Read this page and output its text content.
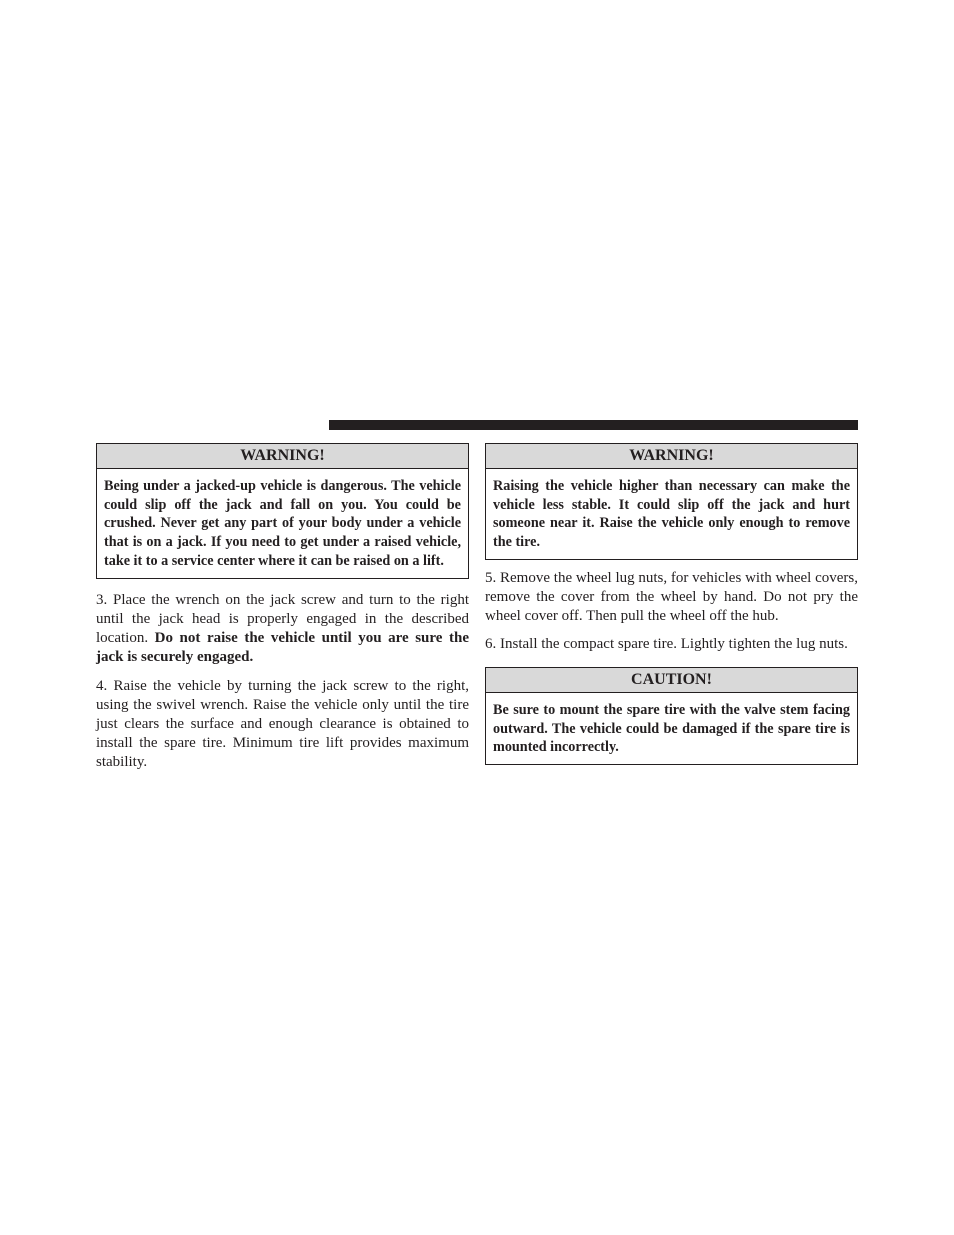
WARNING!
Being under a jacked-up vehicle is dangerous. The vehicle could slip off the jack and fall on you. You could be crushed. Never get any part of your body under a vehicle that is on a jack. If you need to get under a raised vehicle, take it to a service center where it can be raised on a lift.

3. Place the wrench on the jack screw and turn to the right until the jack head is properly engaged in the described location. Do not raise the vehicle until you are sure the jack is securely engaged.

4. Raise the vehicle by turning the jack screw to the right, using the swivel wrench. Raise the vehicle only until the tire just clears the surface and enough clearance is obtained to install the spare tire. Minimum tire lift provides maximum stability.

WARNING!
Raising the vehicle higher than necessary can make the vehicle less stable. It could slip off the jack and hurt someone near it. Raise the vehicle only enough to remove the tire.

5. Remove the wheel lug nuts, for vehicles with wheel covers, remove the cover from the wheel by hand. Do not pry the wheel cover off. Then pull the wheel off the hub.

6. Install the compact spare tire. Lightly tighten the lug nuts.

CAUTION!
Be sure to mount the spare tire with the valve stem facing outward. The vehicle could be damaged if the spare tire is mounted incorrectly.
